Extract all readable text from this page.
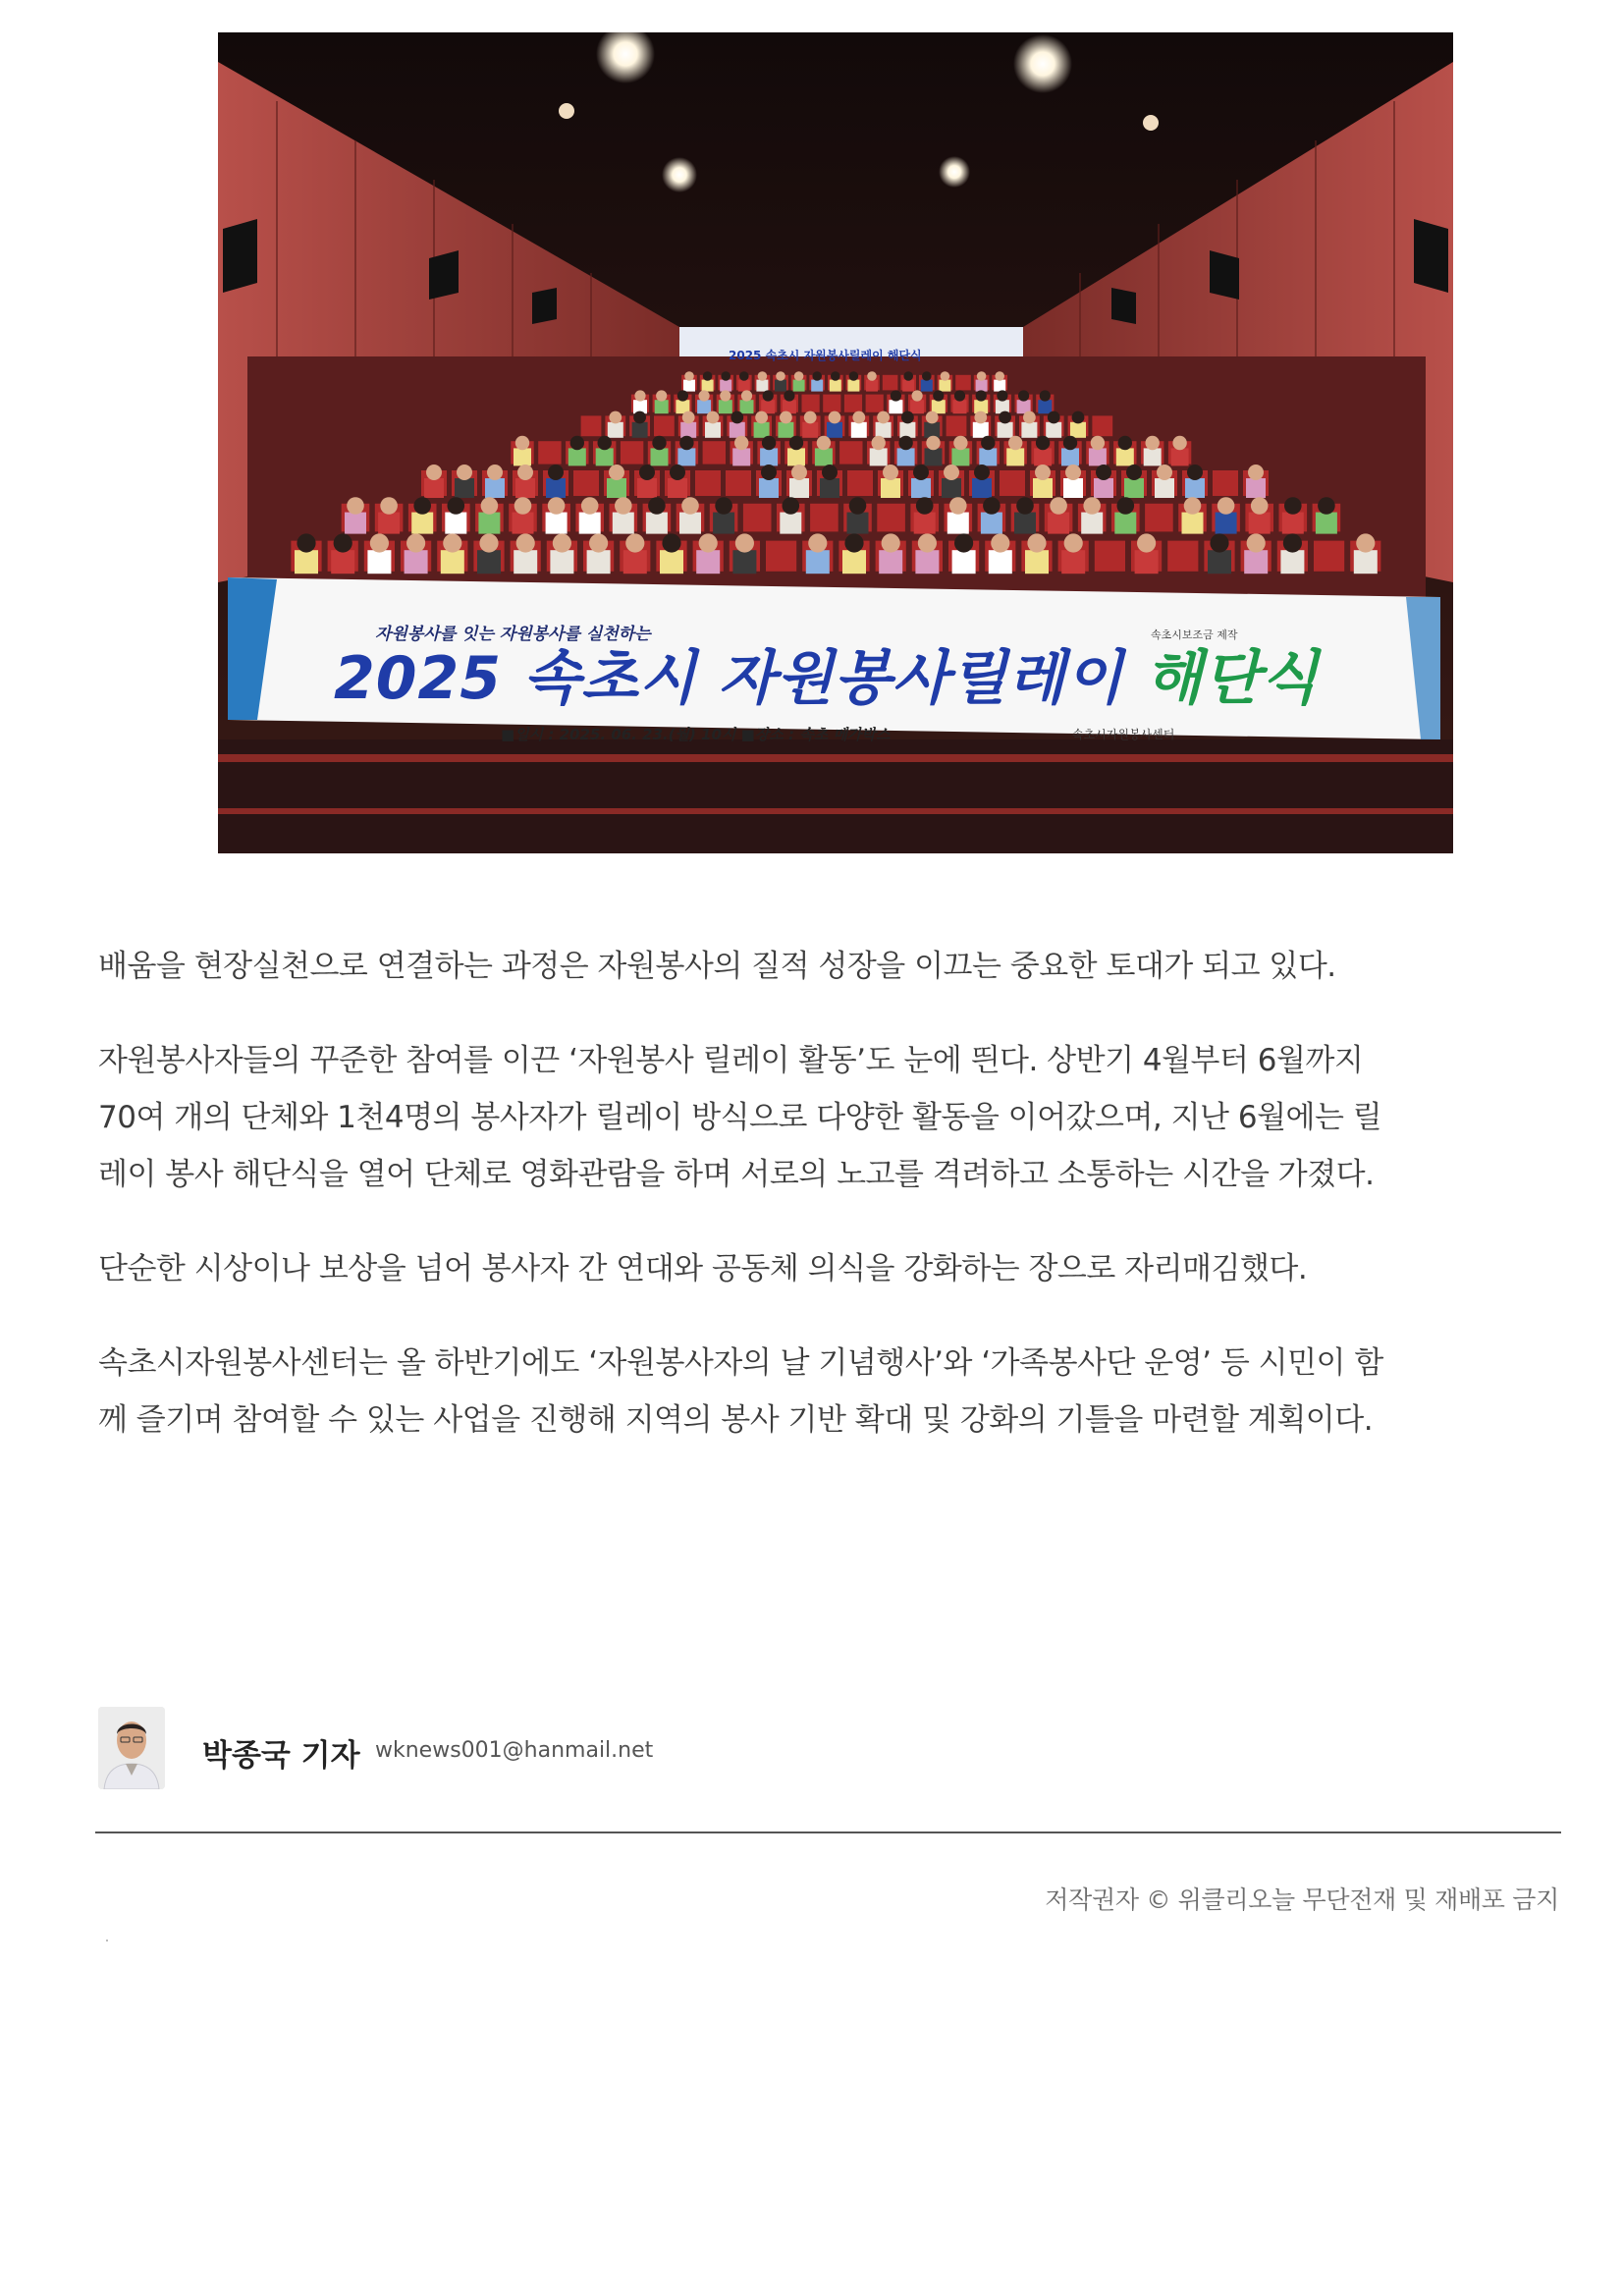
2025 속초시 자원봉사릴레이 해단식
자원봉사를 잇는 자원봉사를 실천하는
2025 속초시 자원봉사릴레이 해단식
속초시보조금 제작
■일시 : 2025. 06. 23.(월) 10시 ■장소 : 속초 메가박스	속초시자원봉사센터

배움을 현장실천으로 연결하는 과정은 자원봉사의 질적 성장을 이끄는 중요한 토대가 되고 있다.

자원봉사자들의 꾸준한 참여를 이끈 ‘자원봉사 릴레이 활동’도 눈에 띈다. 상반기 4월부터 6월까지
70여 개의 단체와 1천4명의 봉사자가 릴레이 방식으로 다양한 활동을 이어갔으며, 지난 6월에는 릴
레이 봉사 해단식을 열어 단체로 영화관람을 하며 서로의 노고를 격려하고 소통하는 시간을 가졌다.

단순한 시상이나 보상을 넘어 봉사자 간 연대와 공동체 의식을 강화하는 장으로 자리매김했다.

속초시자원봉사센터는 올 하반기에도 ‘자원봉사자의 날 기념행사’와 ‘가족봉사단 운영’ 등 시민이 함
께 즐기며 참여할 수 있는 사업을 진행해 지역의 봉사 기반 확대 및 강화의 기틀을 마련할 계획이다.

박종국 기자 wknews001@hanmail.net
저작권자 © 위클리오늘 무단전재 및 재배포 금지
